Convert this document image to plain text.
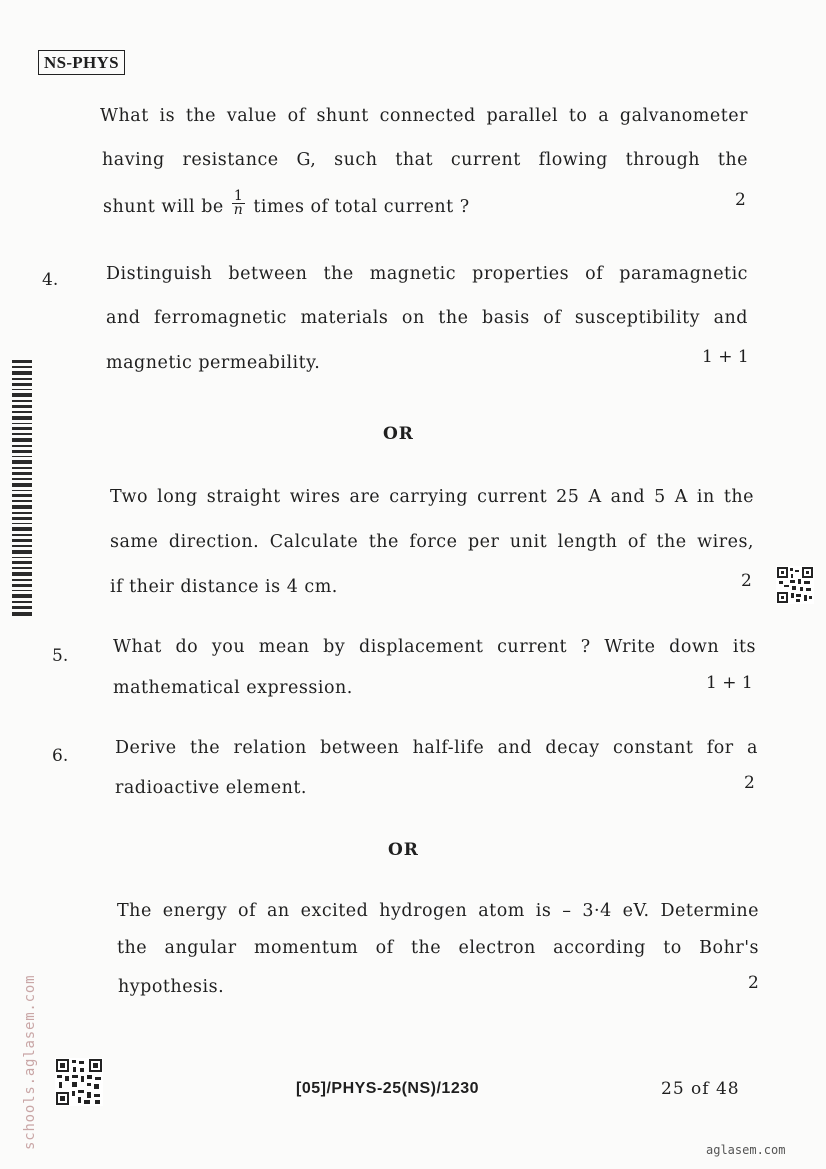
NS-PHYS
What is the value of shunt connected parallel to a galvanometer
having resistance G, such that current flowing through the
shunt will be $\frac{1}{n}$ times of total current ?	2
4.	Distinguish between the magnetic properties of paramagnetic
and ferromagnetic materials on the basis of susceptibility and
magnetic permeability.	1 + 1
OR
Two long straight wires are carrying current 25 A and 5 A in the
same direction. Calculate the force per unit length of the wires,
if their distance is 4 cm.	2
5.	What do you mean by displacement current ? Write down its
mathematical expression.	1 + 1
6.	Derive the relation between half-life and decay constant for a
radioactive element.	2
OR
The energy of an excited hydrogen atom is – 3·4 eV. Determine
the angular momentum of the electron according to Bohr's
hypothesis.	2
[05]/PHYS-25(NS)/1230	25 of 48
aglasem.com
schools.aglasem.com
